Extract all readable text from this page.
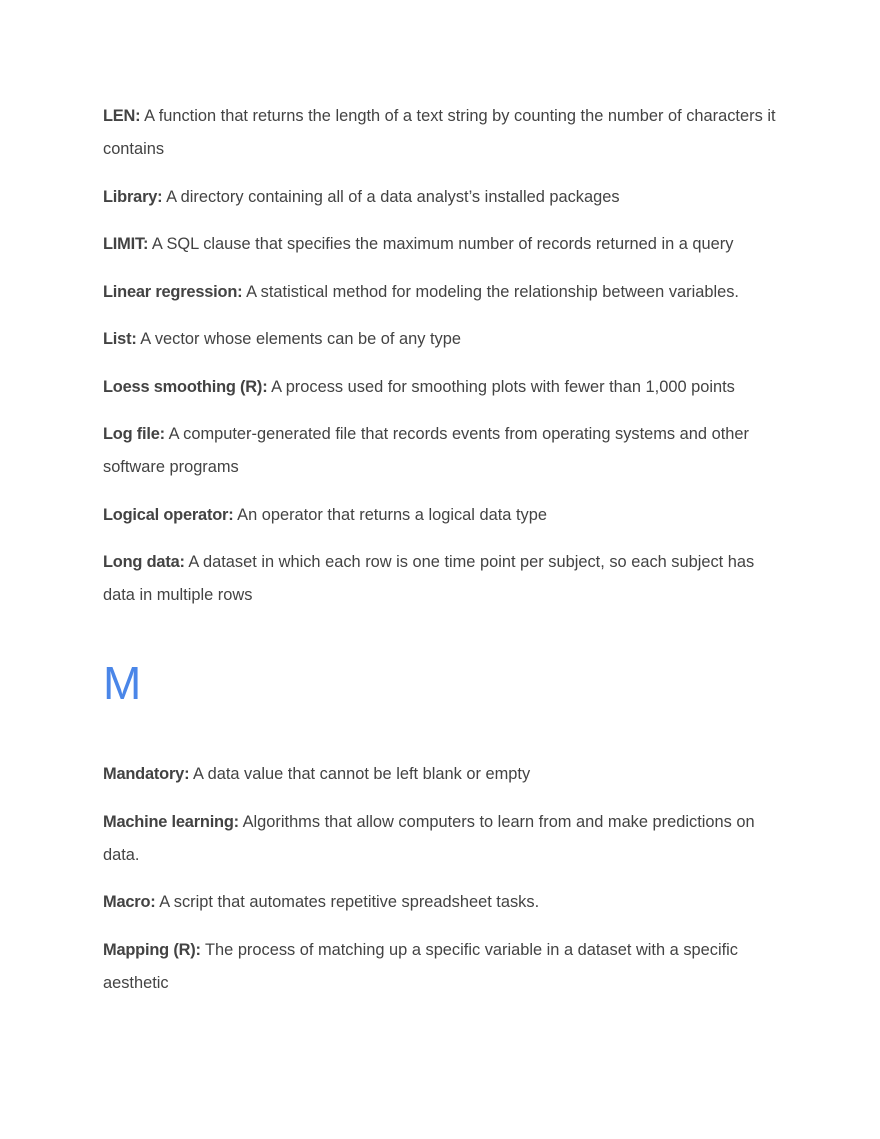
LEN: A function that returns the length of a text string by counting the number of characters it contains

Library: A directory containing all of a data analyst’s installed packages

LIMIT: A SQL clause that specifies the maximum number of records returned in a query

Linear regression: A statistical method for modeling the relationship between variables.

List: A vector whose elements can be of any type

Loess smoothing (R): A process used for smoothing plots with fewer than 1,000 points

Log file: A computer-generated file that records events from operating systems and other software programs

Logical operator: An operator that returns a logical data type

Long data: A dataset in which each row is one time point per subject, so each subject has data in multiple rows

M

Mandatory: A data value that cannot be left blank or empty

Machine learning: Algorithms that allow computers to learn from and make predictions on data.

Macro: A script that automates repetitive spreadsheet tasks.

Mapping (R): The process of matching up a specific variable in a dataset with a specific aesthetic
